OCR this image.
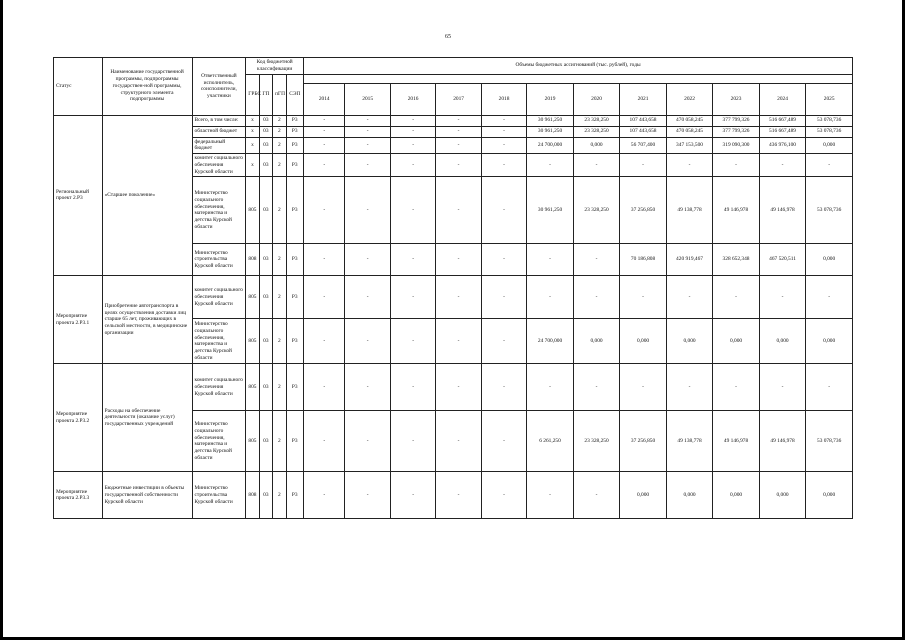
65
Статус	Наименование государственной программы, подпрограммы государствен-ной программы, структурного элемента подпрограммы	Ответственный исполнитель, соисполнители, участники	Код бюджетной классификации				Объемы бюджетных ассигнований (тыс. рублей), годы											
			ГРБС	ГП	пГП	СЭП												
							2014	2015	2016	2017	2018	2019	2020	2021	2022	2023	2024	2025
Региональный проект 2.Р3	«Старшее поколение»	Всего, в том числе:	х	03	2	Р3	-	-	-	-	-	30 961,250	23 328,250	107 443,658	470 058,245	377 799,326	516 667,489	53 078,736
		областной бюджет	х	03	2	Р3	-	-	-	-	-	30 961,250	23 328,250	107 443,658	470 058,245	377 799,326	516 667,489	53 078,736
		федеральный бюджет	х	03	2	Р3	-	-	-	-	-	24 700,000	0,000	56 707,400	347 153,500	319 090,300	436 976,100	0,000
		комитет социального обеспечения Курской области	х	03	2	Р3	-	-	-	-	-	-	-	-	-	-	-	-
		Министерство социального обеспечения, материнства и детства Курской области	805	03	2	Р3	-	-	-	-	-	30 961,250	23 328,250	37 256,850	49 138,778	49 146,978	49 146,978	53 078,736
		Министерство строительства Курской области	808	03	2	Р3	-	-	-	-	-	-	-	70 186,808	420 919,467	328 652,348	467 520,511	0,000
Мероприятие проекта 2.Р3.1	Приобретение автотранспорта в целях осуществления доставки лиц старше 65 лет, проживающих в сельской местности, в медицинские организации	комитет социального обеспечения Курской области	805	03	2	Р3	-	-	-	-	-	-	-	-	-	-	-	-
		Министерство социального обеспечения, материнства и детства Курской области	805	03	2	Р3	-	-	-	-	-	24 700,000	0,000	0,000	0,000	0,000	0,000	0,000
Мероприятие проекта 2.Р3.2	Расходы на обеспечение деятельности (оказание услуг) государственных учреждений	комитет социального обеспечения Курской области	805	03	2	Р3	-	-	-	-	-	-	-	-	-	-	-	-
		Министерство социального обеспечения, материнства и детства Курской области	805	03	2	Р3	-	-	-	-	-	6 261,250	23 328,250	37 256,850	49 138,778	49 146,978	49 146,978	53 078,736
Мероприятие проекта 2.Р3.3	Бюджетные инвестиции в объекты государственной собственности Курской области	Министерство строительства Курской области	808	03	2	Р3	-	-	-	-	-	-	-	0,000	0,000	0,000	0,000	0,000
